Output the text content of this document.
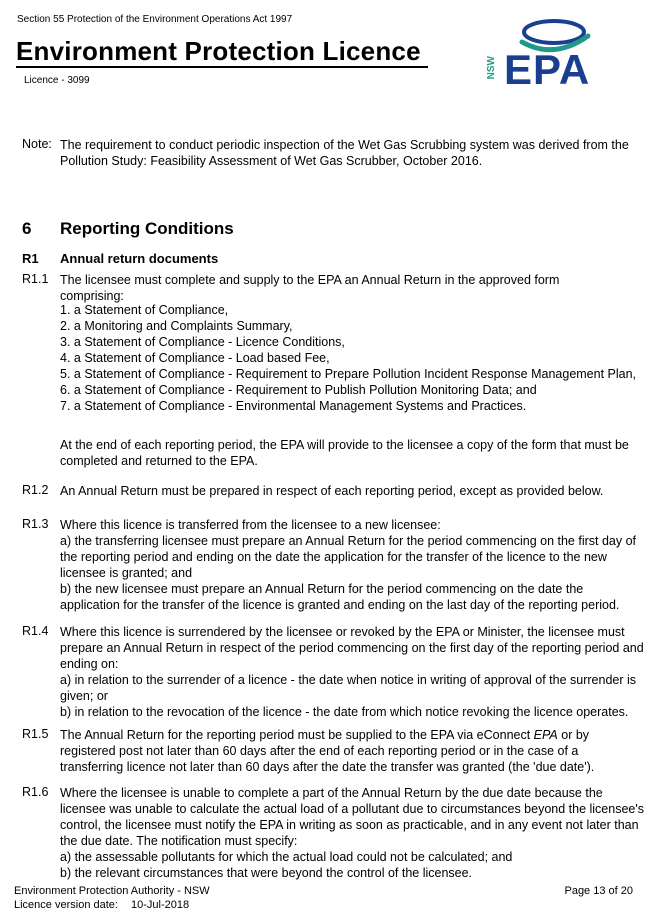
Section 55 Protection of the Environment Operations Act 1997
Environment Protection Licence
Licence - 3099
NSW EPA
Note: The requirement to conduct periodic inspection of the Wet Gas Scrubbing system was derived from the
Pollution Study: Feasibility Assessment of Wet Gas Scrubber, October 2016.
6 Reporting Conditions
R1 Annual return documents
R1.1 The licensee must complete and supply to the EPA an Annual Return in the approved form comprising:
1. a Statement of Compliance,
2. a Monitoring and Complaints Summary,
3. a Statement of Compliance - Licence Conditions,
4. a Statement of Compliance - Load based Fee,
5. a Statement of Compliance - Requirement to Prepare Pollution Incident Response Management Plan,
6. a Statement of Compliance - Requirement to Publish Pollution Monitoring Data; and
7. a Statement of Compliance - Environmental Management Systems and Practices.
At the end of each reporting period, the EPA will provide to the licensee a copy of the form that must be
completed and returned to the EPA.
R1.2 An Annual Return must be prepared in respect of each reporting period, except as provided below.
R1.3 Where this licence is transferred from the licensee to a new licensee:
a) the transferring licensee must prepare an Annual Return for the period commencing on the first day of
the reporting period and ending on the date the application for the transfer of the licence to the new
licensee is granted; and
b) the new licensee must prepare an Annual Return for the period commencing on the date the
application for the transfer of the licence is granted and ending on the last day of the reporting period.
R1.4 Where this licence is surrendered by the licensee or revoked by the EPA or Minister, the licensee must
prepare an Annual Return in respect of the period commencing on the first day of the reporting period and
ending on:
a) in relation to the surrender of a licence - the date when notice in writing of approval of the surrender is
given; or
b) in relation to the revocation of the licence - the date from which notice revoking the licence operates.
R1.5 The Annual Return for the reporting period must be supplied to the EPA via eConnect EPA or by
registered post not later than 60 days after the end of each reporting period or in the case of a
transferring licence not later than 60 days after the date the transfer was granted (the 'due date').
R1.6 Where the licensee is unable to complete a part of the Annual Return by the due date because the
licensee was unable to calculate the actual load of a pollutant due to circumstances beyond the licensee's
control, the licensee must notify the EPA in writing as soon as practicable, and in any event not later than
the due date. The notification must specify:
a) the assessable pollutants for which the actual load could not be calculated; and
b) the relevant circumstances that were beyond the control of the licensee.
Environment Protection Authority - NSW
Licence version date: 10-Jul-2018
Page 13 of 20
